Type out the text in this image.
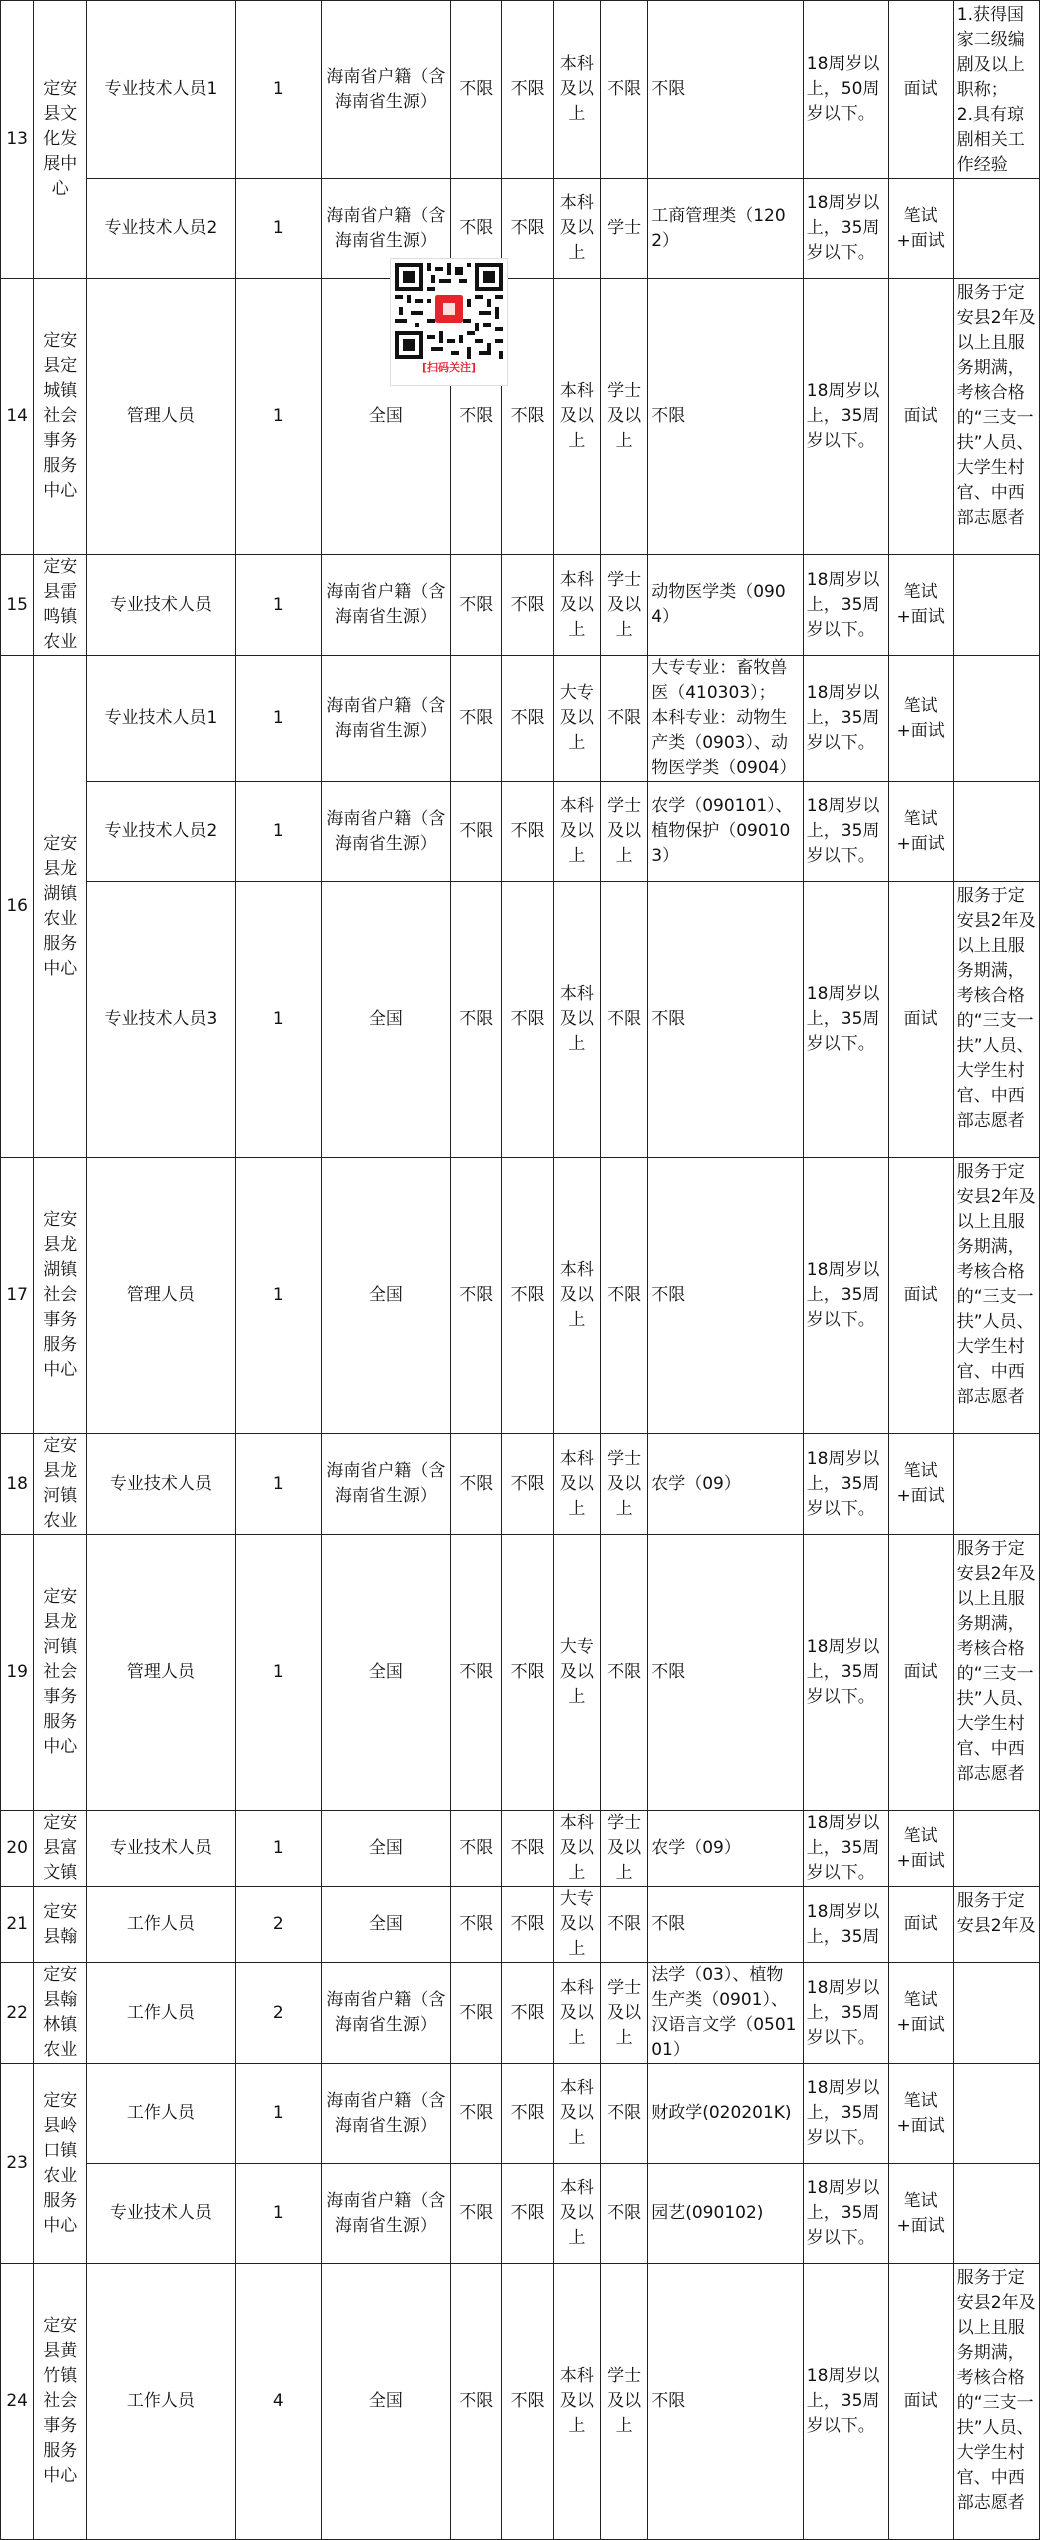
13	定安县文化发展中心	专业技术人员1	1	海南省户籍（含海南省生源）	不限	不限	本科及以上	不限	不限	18周岁以上，50周岁以下。	面试	1.获得国家二级编剧及以上职称；
2.具有琼剧相关工作经验
		专业技术人员2	1	海南省户籍（含海南省生源）	不限	不限	本科及以上	学士	工商管理类（1202）	18周岁以上，35周岁以下。	笔试+面试	
14	定安县定城镇社会事务服务中心	管理人员	1	全国	不限	不限	本科及以上	学士及以上	不限	18周岁以上，35周岁以下。	面试	服务于定安县2年及以上且服务期满，考核合格的“三支一扶”人员、大学生村官、中西部志愿者
15	定安县雷鸣镇农业	专业技术人员	1	海南省户籍（含海南省生源）	不限	不限	本科及以上	学士及以上	动物医学类（0904）	18周岁以上，35周岁以下。	笔试+面试	
16	定安县龙湖镇农业服务中心	专业技术人员1	1	海南省户籍（含海南省生源）	不限	不限	大专及以上	不限	大专专业：畜牧兽医（410303）；
本科专业：动物生产类（0903）、动物医学类（0904）	18周岁以上，35周岁以下。	笔试+面试	
		专业技术人员2	1	海南省户籍（含海南省生源）	不限	不限	本科及以上	学士及以上	农学（090101）、植物保护（090103）	18周岁以上，35周岁以下。	笔试+面试	
		专业技术人员3	1	全国	不限	不限	本科及以上	不限	不限	18周岁以上，35周岁以下。	面试	服务于定安县2年及以上且服务期满，考核合格的“三支一扶”人员、大学生村官、中西部志愿者
17	定安县龙湖镇社会事务服务中心	管理人员	1	全国	不限	不限	本科及以上	不限	不限	18周岁以上，35周岁以下。	面试	服务于定安县2年及以上且服务期满，考核合格的“三支一扶”人员、大学生村官、中西部志愿者
18	定安县龙河镇农业	专业技术人员	1	海南省户籍（含海南省生源）	不限	不限	本科及以上	学士及以上	农学（09）	18周岁以上，35周岁以下。	笔试+面试	
19	定安县龙河镇社会事务服务中心	管理人员	1	全国	不限	不限	大专及以上	不限	不限	18周岁以上，35周岁以下。	面试	服务于定安县2年及以上且服务期满，考核合格的“三支一扶”人员、大学生村官、中西部志愿者
20	定安县富文镇	专业技术人员	1	全国	不限	不限	本科及以上	学士及以上	农学（09）	18周岁以上，35周岁以下。	笔试+面试	
21	定安县翰	工作人员	2	全国	不限	不限	大专及以上	不限	不限	18周岁以上，35周	面试	服务于定安县2年及
22	定安县翰林镇农业	工作人员	2	海南省户籍（含海南省生源）	不限	不限	本科及以上	学士及以上	法学（03）、植物生产类（0901）、汉语言文学（050101）	18周岁以上，35周岁以下。	笔试+面试	
23	定安县岭口镇农业服务中心	工作人员	1	海南省户籍（含海南省生源）	不限	不限	本科及以上	不限	财政学(020201K)	18周岁以上，35周岁以下。	笔试+面试	
		专业技术人员	1	海南省户籍（含海南省生源）	不限	不限	本科及以上	不限	园艺(090102)	18周岁以上，35周岁以下。	笔试+面试	
24	定安县黄竹镇社会事务服务中心	工作人员	4	全国	不限	不限	本科及以上	学士及以上	不限	18周岁以上，35周岁以下。	面试	服务于定安县2年及以上且服务期满，考核合格的“三支一扶”人员、大学生村官、中西部志愿者
[扫码关注]
